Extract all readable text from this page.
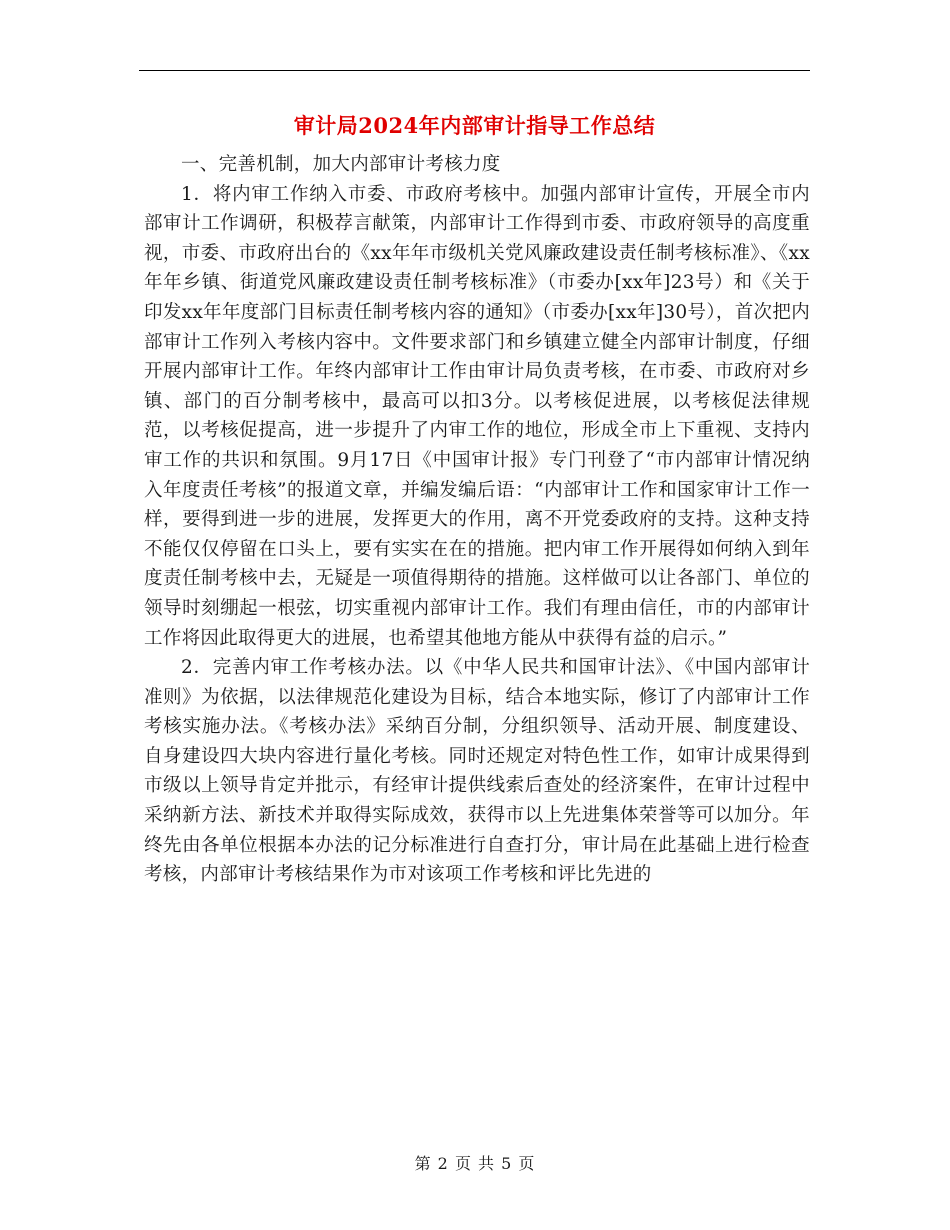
审计局2024年内部审计指导工作总结

一、完善机制，加大内部审计考核力度

1．将内审工作纳入市委、市政府考核中。加强内部审计宣传，开展全市内部审计工作调研，积极荐言献策，内部审计工作得到市委、市政府领导的高度重视，市委、市政府出台的《xx年年市级机关党风廉政建设责任制考核标准》、《xx年年乡镇、街道党风廉政建设责任制考核标准》（市委办[xx年]23号）和《关于印发xx年年度部门目标责任制考核内容的通知》（市委办[xx年]30号），首次把内部审计工作列入考核内容中。文件要求部门和乡镇建立健全内部审计制度，仔细开展内部审计工作。年终内部审计工作由审计局负责考核，在市委、市政府对乡镇、部门的百分制考核中，最高可以扣3分。以考核促进展，以考核促法律规范，以考核促提高，进一步提升了内审工作的地位，形成全市上下重视、支持内审工作的共识和氛围。9月17日《中国审计报》专门刊登了“市内部审计情况纳入年度责任考核”的报道文章，并编发编后语：“内部审计工作和国家审计工作一样，要得到进一步的进展，发挥更大的作用，离不开党委政府的支持。这种支持不能仅仅停留在口头上，要有实实在在的措施。把内审工作开展得如何纳入到年度责任制考核中去，无疑是一项值得期待的措施。这样做可以让各部门、单位的领导时刻绷起一根弦，切实重视内部审计工作。我们有理由信任，市的内部审计工作将因此取得更大的进展，也希望其他地方能从中获得有益的启示。”

2．完善内审工作考核办法。以《中华人民共和国审计法》、《中国内部审计准则》为依据，以法律规范化建设为目标，结合本地实际，修订了内部审计工作考核实施办法。《考核办法》采纳百分制，分组织领导、活动开展、制度建设、自身建设四大块内容进行量化考核。同时还规定对特色性工作，如审计成果得到市级以上领导肯定并批示，有经审计提供线索后查处的经济案件，在审计过程中采纳新方法、新技术并取得实际成效，获得市以上先进集体荣誉等可以加分。年终先由各单位根据本办法的记分标准进行自查打分，审计局在此基础上进行检查考核，内部审计考核结果作为市对该项工作考核和评比先进的

第 2 页 共 5 页
